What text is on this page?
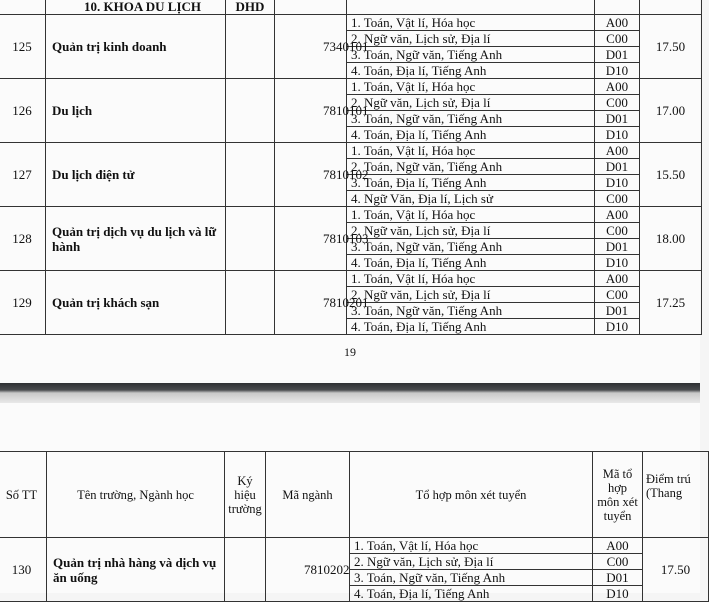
	10. KHOA DU LỊCH	DHD				
125	Quản trị kinh doanh		7340101	1. Toán, Vật lí, Hóa học	A00	17.50
				2. Ngữ văn, Lịch sử, Địa lí	C00	
				3. Toán, Ngữ văn, Tiếng Anh	D01	
				4. Toán, Địa lí, Tiếng Anh	D10	
126	Du lịch		7810101	1. Toán, Vật lí, Hóa học	A00	17.00
				2. Ngữ văn, Lịch sử, Địa lí	C00	
				3. Toán, Ngữ văn, Tiếng Anh	D01	
				4. Toán, Địa lí, Tiếng Anh	D10	
127	Du lịch điện tử		7810102	1. Toán, Vật lí, Hóa học	A00	15.50
				2. Toán, Ngữ văn, Tiếng Anh	D01	
				3. Toán, Địa lí, Tiếng Anh	D10	
				4. Ngữ Văn, Địa lí, Lịch sử	C00	
128	Quản trị dịch vụ du lịch và lữ hành		7810103	1. Toán, Vật lí, Hóa học	A00	18.00
				2. Ngữ văn, Lịch sử, Địa lí	C00	
				3. Toán, Ngữ văn, Tiếng Anh	D01	
				4. Toán, Địa lí, Tiếng Anh	D10	
129	Quản trị khách sạn		7810201	1. Toán, Vật lí, Hóa học	A00	17.25
				2. Ngữ văn, Lịch sử, Địa lí	C00	
				3. Toán, Ngữ văn, Tiếng Anh	D01	
				4. Toán, Địa lí, Tiếng Anh	D10	
19
Số TT	Tên trường, Ngành học	Ký hiệu trường	Mã ngành	Tổ hợp môn xét tuyển	Mã tổ hợp môn xét tuyển	Điểm trú
(Thang

130	Quản trị nhà hàng và dịch vụ ăn uống		7810202	1. Toán, Vật lí, Hóa học	A00	17.50
				2. Ngữ văn, Lịch sử, Địa lí	C00	
				3. Toán, Ngữ văn, Tiếng Anh	D01	
				4. Toán, Địa lí, Tiếng Anh	D10	
